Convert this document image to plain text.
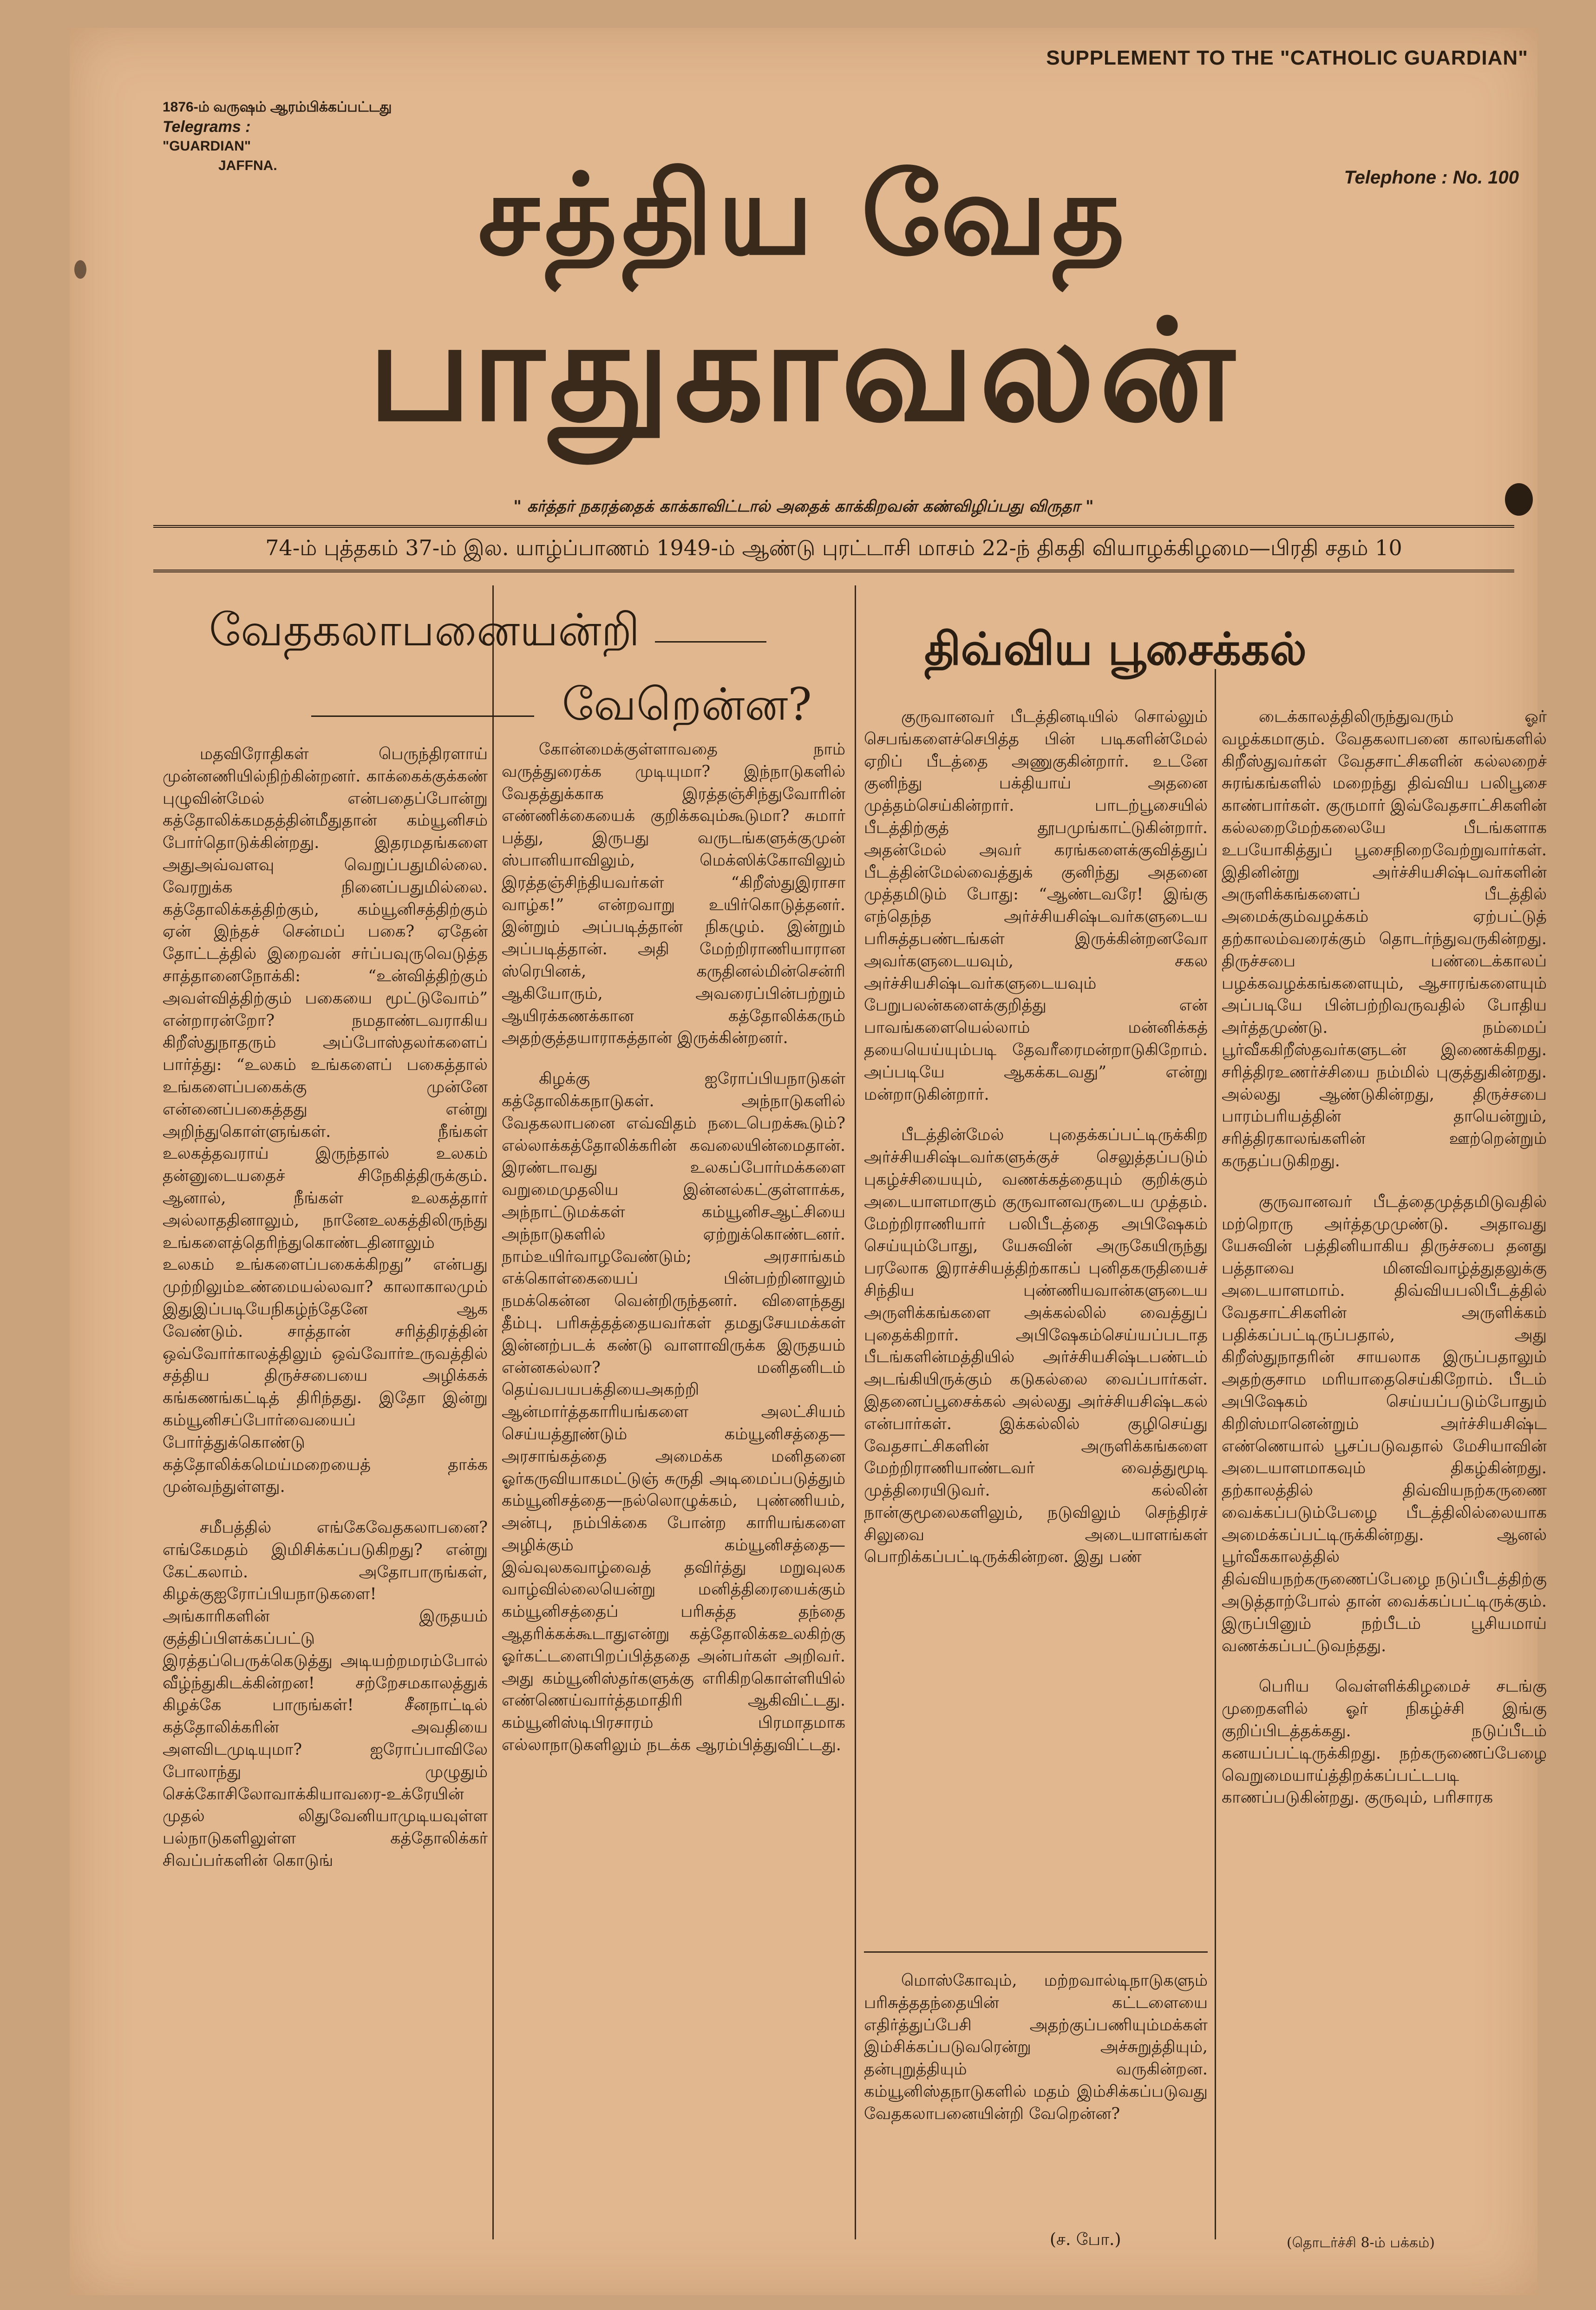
SUPPLEMENT TO THE "CATHOLIC GUARDIAN"
1876-ம் வருஷம் ஆரம்பிக்கப்பட்டது
Telegrams :
"GUARDIAN"
JAFFNA.
Telephone : No. 100
சத்திய வேத
பாதுகாவலன்
" கர்த்தர் நகரத்தைக் காக்காவிட்டால் அதைக் காக்கிறவன் கண்விழிப்பது விருதா "
74-ம் புத்தகம் 37-ம் இல. யாழ்ப்பாணம் 1949-ம் ஆண்டு புரட்டாசி மாசம் 22-ந் திகதி வியாழக்கிழமை—பிரதி சதம் 10
வேதகலாபனையன்றி
வேறென்ன?
திவ்விய பூசைக்கல்

மதவிரோதிகள் பெருந்திரளாய் முன்னணியில்நிற்கின்றனர். காக்கைக்குக்கண் புழுவின்மேல் என்பதைப்போன்று கத்தோலிக்கமதத்தின்மீதுதான் கம்யூனிசம் போர்தொடுக்கின்றது. இதரமதங்களை அதுஅவ்வளவு வெறுப்பதுமில்லை. வேரறுக்க நினைப்பதுமில்லை. கத்தோலிக்கத்திற்கும், கம்யூனிசத்திற்கும் ஏன் இந்தச் சென்மப் பகை? ஏதேன் தோட்டத்தில் இறைவன் சர்ப்பவுருவெடுத்த சாத்தானைநோக்கி: “உன்வித்திற்கும் அவள்வித்திற்கும் பகையை மூட்டுவோம்” என்றாரன்றோ? நமதாண்டவராகிய கிறீஸ்துநாதரும் அப்போஸ்தலர்களைப் பார்த்து: “உலகம் உங்களைப் பகைத்தால் உங்களைப்பகைக்கு முன்னே என்னைப்பகைத்தது என்று அறிந்துகொள்ளுங்கள். நீங்கள் உலகத்தவராய் இருந்தால் உலகம் தன்னுடையதைச் சிநேகித்திருக்கும். ஆனால், நீங்கள் உலகத்தார் அல்லாததினாலும், நானேஉலகத்திலிருந்து உங்களைத்தெரிந்துகொண்டதினாலும் உலகம் உங்களைப்பகைக்கிறது” என்பது முற்றிலும்உண்மையல்லவா? காலாகாலமும் இதுஇப்படியேநிகழ்ந்தேனே ஆக வேண்டும். சாத்தான் சரித்திரத்தின் ஒவ்வோர்காலத்திலும் ஒவ்வோர்உருவத்தில் சத்திய திருச்சபையை அழிக்கக் கங்கணங்கட்டித் திரிந்தது. இதோ இன்று கம்யூனிசப்போர்வையைப் போர்த்துக்கொண்டு கத்தோலிக்கமெய்மறையைத் தாக்க முன்வந்துள்ளது.

சமீபத்தில் எங்கேவேதகலாபனை? எங்கேமதம் இமிசிக்கப்படுகிறது? என்று கேட்கலாம். அதோபாருங்கள், கிழக்குஐரோப்பியநாடுகளை! அங்காரிகளின் இருதயம் குத்திப்பிளக்கப்பட்டு இரத்தப்பெருக்கெடுத்து அடியற்றமரம்போல் வீழ்ந்துகிடக்கின்றன! சற்றேசமகாலத்துக் கிழக்கே பாருங்கள்! சீனநாட்டில் கத்தோலிக்கரின் அவதியை அளவிடமுடியுமா? ஐரோப்பாவிலே போலாந்து முழுதும் செக்கோசிலோவாக்கியாவரை-உக்ரேயின் முதல் லிதுவேனியாமுடியவுள்ள பல்நாடுகளிலுள்ள கத்தோலிக்கர் சிவப்பர்களின் கொடுங்

கோன்மைக்குள்ளாவதை நாம் வருத்துரைக்க முடியுமா? இந்நாடுகளில் வேதத்துக்காக இரத்தஞ்சிந்துவோரின் எண்ணிக்கையைக் குறிக்கவும்கூடுமா? சுமார் பத்து, இருபது வருடங்களுக்குமுன் ஸ்பானியாவிலும், மெக்ஸிக்கோவிலும் இரத்தஞ்சிந்தியவர்கள் “கிறீஸ்துஇராசா வாழ்க!” என்றவாறு உயிர்கொடுத்தனர். இன்றும் அப்படித்தான் நிகழும். இன்றும் அப்படித்தான். அதி மேற்றிராணியாரான ஸ்ரெபினக், கருதினல்மின்சென்ரி ஆகியோரும், அவரைப்பின்பற்றும் ஆயிரக்கணக்கான கத்தோலிக்கரும் அதற்குத்தயாராகத்தான் இருக்கின்றனர்.

கிழக்கு ஐரோப்பியநாடுகள் கத்தோலிக்கநாடுகள். அந்நாடுகளில் வேதகலாபனை எவ்விதம் நடைபெறக்கூடும்? எல்லாக்கத்தோலிக்கரின் கவலையின்மைதான். இரண்டாவது உலகப்போர்மக்களை வறுமைமுதலிய இன்னல்கட்குள்ளாக்க, அந்நாட்டுமக்கள் கம்யூனிசஆட்சியை அந்நாடுகளில் ஏற்றுக்கொண்டனர். நாம்உயிர்வாழவேண்டும்; அரசாங்கம் எக்கொள்கையைப் பின்பற்றினாலும் நமக்கென்ன வென்றிருந்தனர். விளைந்தது தீம்பு. பரிசுத்தத்தையவர்கள் தமதுசேயமக்கள் இன்னற்படக் கண்டு வாளாவிருக்க இருதயம் என்னகல்லா? மனிதனிடம் தெய்வபயபக்தியைஅகற்றி ஆன்மார்த்தகாரியங்களை அலட்சியம் செய்யத்தூண்டும் கம்யூனிசத்தை—அரசாங்கத்தை அமைக்க மனிதனை ஓர்கருவியாகமட்டுஞ் சுருதி அடிமைப்படுத்தும் கம்யூனிசத்தை—நல்லொழுக்கம், புண்ணியம், அன்பு, நம்பிக்கை போன்ற காரியங்களை அழிக்கும் கம்யூனிசத்தை— இவ்வுலகவாழ்வைத் தவிர்த்து மறுவுலக வாழ்வில்லையென்று மனித்திரையைக்கும் கம்யூனிசத்தைப் பரிசுத்த தந்தை ஆதரிக்கக்கூடாதுஎன்று கத்தோலிக்கஉலகிற்கு ஓர்கட்டளைபிறப்பித்ததை அன்பர்கள் அறிவர். அது கம்யூனிஸ்தர்களுக்கு எரிகிறகொள்ளியில் எண்ணெய்வார்த்தமாதிரி ஆகிவிட்டது. கம்யூனிஸ்டிபிரசாரம் பிரமாதமாக எல்லாநாடுகளிலும் நடக்க ஆரம்பித்துவிட்டது.

குருவானவர் பீடத்தினடியில் சொல்லும் செபங்களைச்செபித்த பின் படிகளின்மேல் ஏறிப் பீடத்தை அணுகுகின்றார். உடனே குனிந்து பக்தியாய் அதனை முத்தம்செய்கின்றார். பாடற்பூசையில் பீடத்திற்குத் தூபமுங்காட்டுகின்றார். அதன்மேல் அவர் கரங்களைக்குவித்துப் பீடத்தின்மேல்வைத்துக் குனிந்து அதனை முத்தமிடும் போது: “ஆண்டவரே! இங்கு எந்தெந்த அர்ச்சியசிஷ்டவர்களுடைய பரிசுத்தபண்டங்கள் இருக்கின்றனவோ அவர்களுடையவும், சகல அர்ச்சியசிஷ்டவர்களுடையவும் பேறுபலன்களைக்குறித்து என் பாவங்களையெல்லாம் மன்னிக்கத் தயையெய்யும்படி தேவரீரைமன்றாடுகிறோம். அப்படியே ஆகக்கடவது” என்று மன்றாடுகின்றார்.

பீடத்தின்மேல் புதைக்கப்பட்டிருக்கிற அர்ச்சியசிஷ்டவர்களுக்குச் செலுத்தப்படும் புகழ்ச்சியையும், வணக்கத்தையும் குறிக்கும் அடையாளமாகும் குருவானவருடைய முத்தம். மேற்றிராணியார் பலிபீடத்தை அபிஷேகம் செய்யும்போது, யேசுவின் அருகேயிருந்து பரலோக இராச்சியத்திற்காகப் புனிதகருதியைச் சிந்திய புண்ணியவான்களுடைய அருளிக்கங்களை அக்கல்லில் வைத்துப் புதைக்கிறார். அபிஷேகம்செய்யப்படாத பீடங்களின்மத்தியில் அர்ச்சியசிஷ்டபண்டம் அடங்கியிருக்கும் கடுகல்லை வைப்பார்கள். இதனைப்பூசைக்கல் அல்லது அர்ச்சியசிஷ்டகல் என்பார்கள். இக்கல்லில் குழிசெய்து வேதசாட்சிகளின் அருளிக்கங்களை மேற்றிராணியாண்டவர் வைத்துமூடி முத்திரையிடுவர். கல்லின் நான்குமூலைகளிலும், நடுவிலும் செந்திரச் சிலுவை அடையாளங்கள் பொறிக்கப்பட்டிருக்கின்றன. இது பண்

மொஸ்கோவும், மற்றவால்டிநாடுகளும் பரிசுத்ததந்தையின் கட்டளையை எதிர்த்துப்பேசி அதற்குப்பணியும்மக்கள் இம்சிக்கப்படுவரென்று அச்சுறுத்தியும், தன்புறுத்தியும் வருகின்றன. கம்யூனிஸ்தநாடுகளில் மதம் இம்சிக்கப்படுவது வேதகலாபனையின்றி வேறென்ன?

(ச. போ.)

டைக்காலத்திலிருந்துவரும் ஓர் வழக்கமாகும். வேதகலாபனை காலங்களில் கிறீஸ்துவர்கள் வேதசாட்சிகளின் கல்லறைச் சுரங்கங்களில் மறைந்து திவ்விய பலிபூசை காண்பார்கள். குருமார் இவ்வேதசாட்சிகளின் கல்லறைமேற்கலையே பீடங்களாக உபயோகித்துப் பூசைநிறைவேற்றுவார்கள். இதினின்று அர்ச்சியசிஷ்டவர்களின் அருளிக்கங்களைப் பீடத்தில் அமைக்கும்வழக்கம் ஏற்பட்டுத் தற்காலம்வரைக்கும் தொடர்ந்துவருகின்றது. திருச்சபை பண்டைக்காலப் பழக்கவழக்கங்களையும், ஆசாரங்களையும் அப்படியே பின்பற்றிவருவதில் போதிய அர்த்தமுண்டு. நம்மைப் பூர்வீககிறீஸ்தவர்களுடன் இணைக்கிறது. சரித்திரஉணர்ச்சியை நம்மில் புகுத்துகின்றது. அல்லது ஆண்டுகின்றது, திருச்சபை பாரம்பரியத்தின் தாயென்றும், சரித்திரகாலங்களின் ஊற்றென்றும் கருதப்படுகிறது.

குருவானவர் பீடத்தைமுத்தமிடுவதில் மற்றொரு அர்த்தமுமுண்டு. அதாவது யேசுவின் பத்தினியாகிய திருச்சபை தனது பத்தாவை மினவிவாழ்த்துதலுக்கு அடையாளமாம். திவ்வியபலிபீடத்தில் வேதசாட்சிகளின் அருளிக்கம் பதிக்கப்பட்டிருப்பதால், அது கிறீஸ்துநாதரின் சாயலாக இருப்பதாலும் அதற்குசாம மரியாதைசெய்கிறோம். பீடம் அபிஷேகம் செய்யப்படும்போதும் கிறிஸ்மானென்றும் அர்ச்சியசிஷ்ட எண்ணெயால் பூசப்படுவதால் மேசியாவின் அடையாளமாகவும் திகழ்கின்றது. தற்காலத்தில் திவ்வியநற்கருணை வைக்கப்படும்பேழை பீடத்திலில்லையாக அமைக்கப்பட்டிருக்கின்றது. ஆனல் பூர்வீககாலத்தில் திவ்வியநற்கருணைப்பேழை நடுப்பீடத்திற்கு அடுத்தாற்போல் தான் வைக்கப்பட்டிருக்கும். இருப்பினும் நற்பீடம் பூசியமாய் வணக்கப்பட்டுவந்தது.

பெரிய வெள்ளிக்கிழமைச் சடங்கு முறைகளில் ஓர் நிகழ்ச்சி இங்கு குறிப்பிடத்தக்கது. நடுப்பீடம் கனயப்பட்டிருக்கிறது. நற்கருணைப்பேழை வெறுமையாய்த்திறக்கப்பட்டபடி காணப்படுகின்றது. குருவும், பரிசாரக

(தொடர்ச்சி 8-ம் பக்கம்)
